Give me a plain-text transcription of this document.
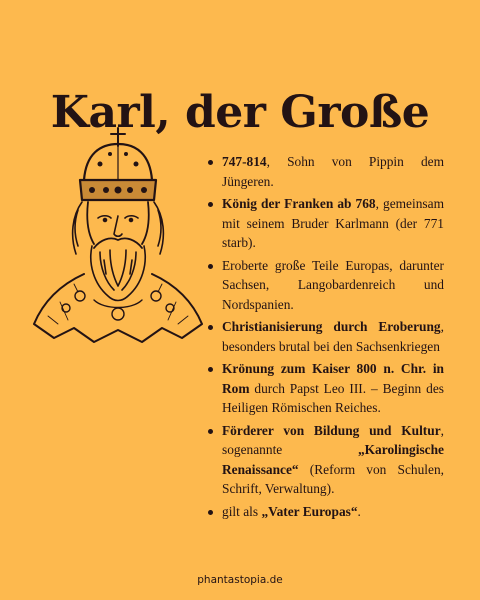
Karl, der Große
747-814, Sohn von Pippin dem Jüngeren.
König der Franken ab 768, gemeinsam mit seinem Bruder Karlmann (der 771 starb).
Eroberte große Teile Europas, darunter Sachsen, Langobardenreich und Nordspanien.
Christianisierung durch Eroberung, besonders brutal bei den Sachsenkriegen
Krönung zum Kaiser 800 n. Chr. in Rom durch Papst Leo III. – Beginn des Heiligen Römischen Reiches.
Förderer von Bildung und Kultur, sogenannte „Karolingische Renaissance“ (Reform von Schulen, Schrift, Verwaltung).
gilt als „Vater Europas“.
phantastopia.de
